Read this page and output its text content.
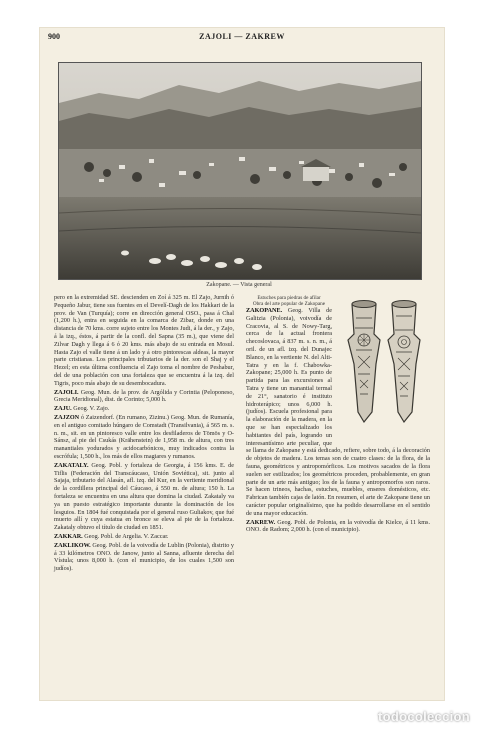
900	ZAJOLI — ZAKREW
Zakopane. — Vista general

pero en la extremidad SE. descienden en Zoí á 325 m. El Zajo, Jurnih ó Pequeño Jabur, tiene sus fuentes en el Develí-Dagh de los Hakkari de la prov. de Van (Turquía); corre en dirección general OSO., pasa á Chal (1,200 h.), entra en seguida en la comarca de Zibar, donde en una distancia de 70 kms. corre sujeto entre los Montes Judi, á la der., y Zajo, á la izq., éstos, á partir de la confl. del Sapna (35 m.), que viene del Zilvar Dagh y llega á 6 ó 20 kms. más abajo de su entrada en Mosul. Hasta Zajo el valle tiene á un lado y á otro pintorescas aldeas, la mayor parte cristianas. Los principales tributarios de la der. son el Shaj y el Hezel; en esta última confluencia el Zajo toma el nombre de Peshabur, del de una población con una fortaleza que se encuentra á la izq. del Tigris, poco más abajo de su desembocadura.

ZAJOLI. Geog. Mun. de la prov. de Argólida y Corintia (Peloponeso, Grecia Meridional), dist. de Corinto; 5,000 h.

ZAJU. Geog. V. Zajo.

ZAJZON ó Zaizendorf. (En rumano, Zizinu.) Geog. Mun. de Rumanía, en el antiguo comitado húngaro de Comstadt (Transilvania), á 565 m. s. n. m., sit. en un pintoresco valle entre los desfiladeros de Tömös y O-Sánsz, al pie del Csukás (Krähenstein) de 1,958 m. de altura, con tres manantiales yodurados y acidocarbónicos, muy indicados contra la escrófula; 1,500 h., los más de ellos magiares y rumanos.

ZAKATALY. Geog. Pobl. y fortaleza de Georgia, á 156 kms. E. de Tiflis (Federación del Transcáucaso, Unión Soviética), sit. junto al Sajaja, tributario del Alasán, afl. izq. del Kur, en la vertiente meridional de la cordillera principal del Cáucaso, á 550 m. de altura; 150 h. La fortaleza se encuentra en una altura que domina la ciudad. Zakataly va ya un puesto estratégico importante durante la dominación de los lesguios. En 1804 fué conquistada por el general ruso Guliakov, que fué muerto allí y cuya estatua en bronce se eleva al pie de la fortaleza. Zakataly obtuvo el título de ciudad en 1851.

ZAKKAR. Geog. Pobl. de Argelia. V. Zaccar.

ZAKLIKOW. Geog. Pobl. de la voivodía de Lublin (Polonia), distrito y á 33 kilómetros ONO. de Janow, junto al Sanna, afluente derecha del Vístula; unos 8,000 h. (con el municipio, de los cuales 1,500 son judíos).

Estuches para piedras de afilar
Obra del arte popular de Zakopane
ZAKOPANE. Geog. Villa de Galitzia (Polonia), voivodía de Cracovia, al S. de Nowy-Targ, cerca de la actual frontera checoslovaca, á 837 m. s. n. m., á oril. de un afl. izq. del Dunajec Blanco, en la vertiente N. del Alti-Tatra y en la f. Chabowka-Zakopane; 25,000 h. Es punto de partida para las excursiones al Tatra y tiene un manantial termal de 21°, sanatorio é instituto hidroterápico; unos 6,000 h. (judíos). Escuela profesional para la elaboración de la madera, en la que se han especializado los habitantes del país, logrando un interesantísimo arte peculiar, que se llama de Zakopane y está dedicado, refiere, sobre todo, á la decoración de objetos de madera. Los temas son de cuatro clases: de la flora, de la fauna, geométricos y antropomórficos. Los motivos sacados de la flora suelen ser estilizados; los geométricos proceden, probablemente, en gran parte de un arte más antiguo; los de la fauna y antropomorfos son raros. Se hacen trineos, hachas, estuches, muebles, enseres domésticos, etc. Fabrican también cajas de latón. En resumen, el arte de Zakopane tiene un carácter popular originalísimo, que ha podido desarrollarse en el sentido de una mayor educación.

ZAKREW. Geog. Pobl. de Polonia, en la voivodía de Kielce, á 11 kms. ONO. de Radom; 2,000 h. (con el municipio).

todocoleccion
